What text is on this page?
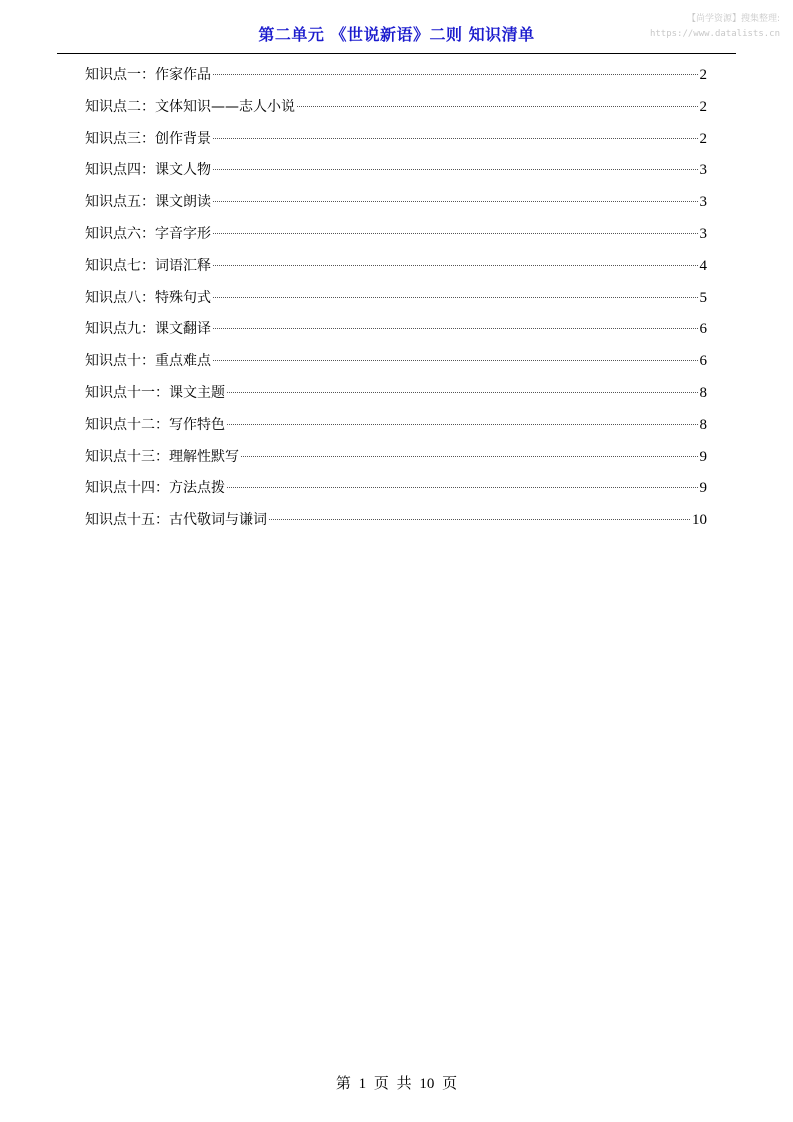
第二单元 《世说新语》二则 知识清单
【尚学资源】搜集整理:
https://www.datalists.cn
知识点一：作家作品	2
知识点二：文体知识——志人小说	2
知识点三：创作背景	2
知识点四：课文人物	3
知识点五：课文朗读	3
知识点六：字音字形	3
知识点七：词语汇释	4
知识点八：特殊句式	5
知识点九：课文翻译	6
知识点十：重点难点	6
知识点十一：课文主题	8
知识点十二：写作特色	8
知识点十三：理解性默写	9
知识点十四：方法点拨	9
知识点十五：古代敬词与谦词	10
第 1 页 共 10 页
